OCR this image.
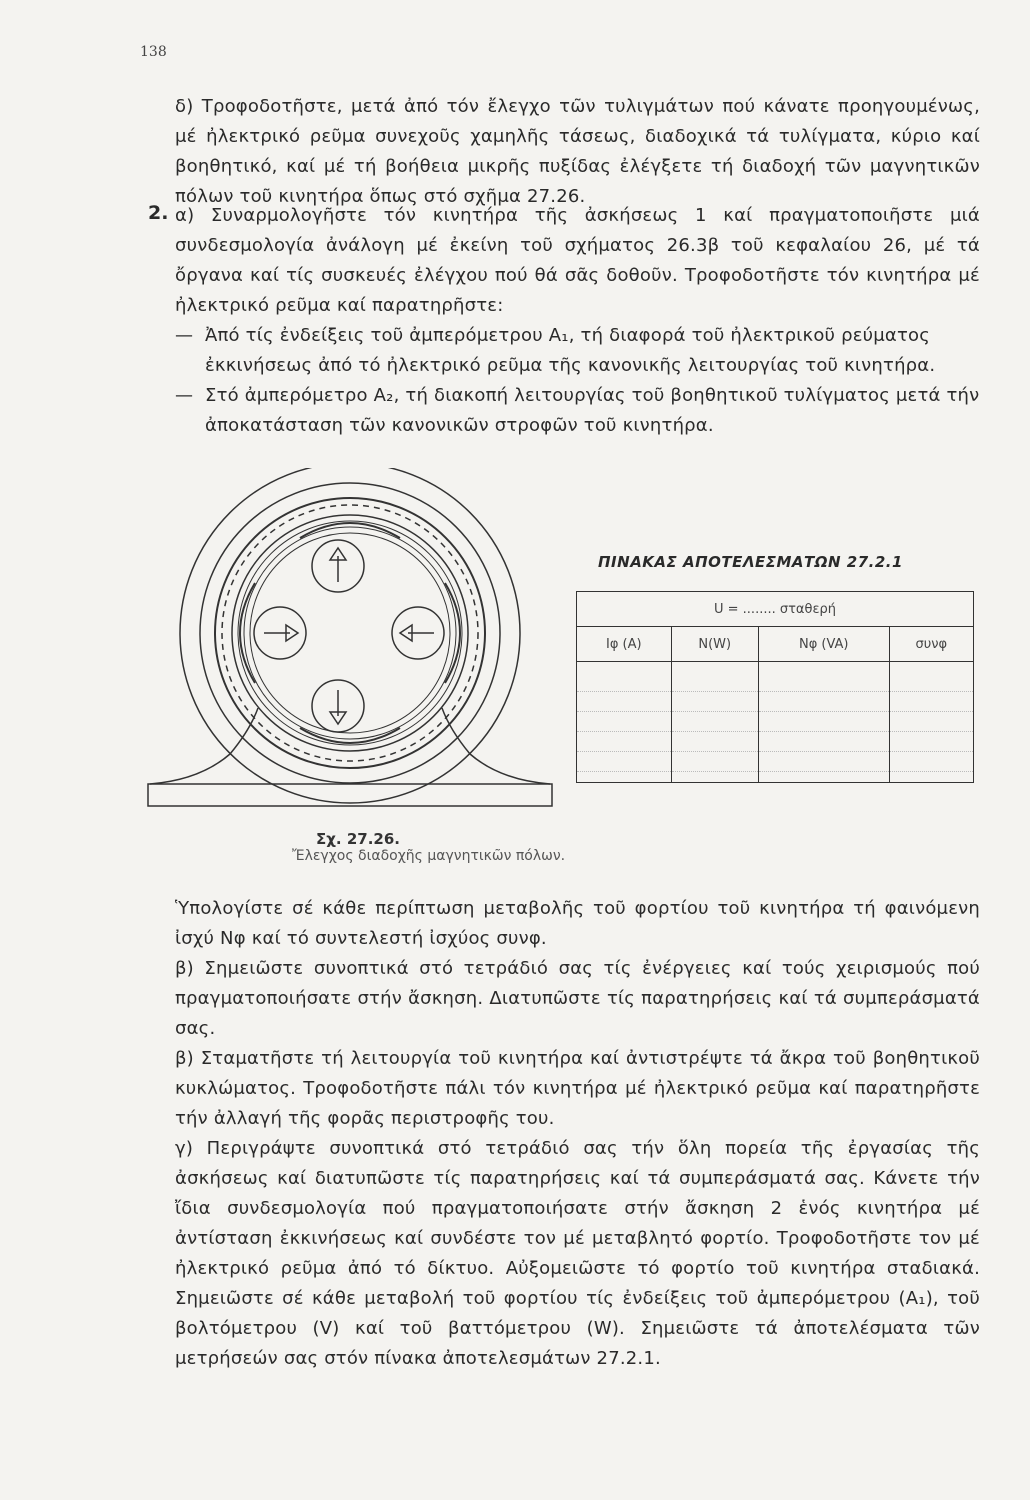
138
δ) Τροφοδοτῆστε, μετά ἀπό τόν ἔλεγχο τῶν τυλιγμάτων πού κάνατε προηγουμένως, μέ ἠλεκτρικό ρεῦμα συνεχοῦς χαμηλῆς τάσεως, διαδοχικά τά τυλίγματα, κύριο καί βοηθητικό, καί μέ τή βοήθεια μικρῆς πυξίδας ἐλέγξετε τή διαδοχή τῶν μαγνητικῶν πόλων τοῦ κινητήρα ὅπως στό σχῆμα 27.26.
2. α) Συναρμολογῆστε τόν κινητήρα τῆς ἀσκήσεως 1 καί πραγματοποιῆστε μιά συνδεσμολογία ἀνάλογη μέ ἐκείνη τοῦ σχήματος 26.3β τοῦ κεφαλαίου 26, μέ τά ὄργανα καί τίς συσκευές ἐλέγχου πού θά σᾶς δοθοῦν. Τροφοδοτῆστε τόν κινητήρα μέ ἠλεκτρικό ρεῦμα καί παρατηρῆστε:
— Ἀπό τίς ἐνδείξεις τοῦ ἀμπερόμετρου A₁, τή διαφορά τοῦ ἠλεκτρικοῦ ρεύματος ἐκκινήσεως ἀπό τό ἠλεκτρικό ρεῦμα τῆς κανονικῆς λειτουργίας τοῦ κινητήρα.
— Στό ἀμπερόμετρο A₂, τή διακοπή λειτουργίας τοῦ βοηθητικοῦ τυλίγματος μετά τήν ἀποκατάσταση τῶν κανονικῶν στροφῶν τοῦ κινητήρα.
ΠΙΝΑΚΑΣ ΑΠΟΤΕΛΕΣΜΑΤΩΝ 27.2.1
U = ........ σταθερή			
Iφ (A)	N(W)	Nφ (VA)	συνφ

Σχ. 27.26.
Ἔλεγχος διαδοχῆς μαγνητικῶν πόλων.
Ὑπολογίστε σέ κάθε περίπτωση μεταβολῆς τοῦ φορτίου τοῦ κινητήρα τή φαινόμενη ἰσχύ Nφ καί τό συντελεστή ἰσχύος συνφ.
β) Σημειῶστε συνοπτικά στό τετράδιό σας τίς ἐνέργειες καί τούς χειρισμούς πού πραγματοποιήσατε στήν ἄσκηση. Διατυπῶστε τίς παρατηρήσεις καί τά συμπεράσματά σας.
β) Σταματῆστε τή λειτουργία τοῦ κινητήρα καί ἀντιστρέψτε τά ἄκρα τοῦ βοηθητικοῦ κυκλώματος. Τροφοδοτῆστε πάλι τόν κινητήρα μέ ἠλεκτρικό ρεῦμα καί παρατηρῆστε τήν ἀλλαγή τῆς φορᾶς περιστροφῆς του.
γ) Περιγράψτε συνοπτικά στό τετράδιό σας τήν ὅλη πορεία τῆς ἐργασίας τῆς ἀσκήσεως καί διατυπῶστε τίς παρατηρήσεις καί τά συμπεράσματά σας. Κάνετε τήν ἴδια συνδεσμολογία πού πραγματοποιήσατε στήν ἄσκηση 2 ἑνός κινητήρα μέ ἀντίσταση ἐκκινήσεως καί συνδέστε τον μέ μεταβλητό φορτίο. Τροφοδοτῆστε τον μέ ἠλεκτρικό ρεῦμα ἀπό τό δίκτυο. Αὐξομειῶστε τό φορτίο τοῦ κινητήρα σταδιακά. Σημειῶστε σέ κάθε μεταβολή τοῦ φορτίου τίς ἐνδείξεις τοῦ ἀμπερόμετρου (A₁), τοῦ βολτόμετρου (V) καί τοῦ βαττόμετρου (W). Σημειῶστε τά ἀποτελέσματα τῶν μετρήσεών σας στόν πίνακα ἀποτελεσμάτων 27.2.1.
